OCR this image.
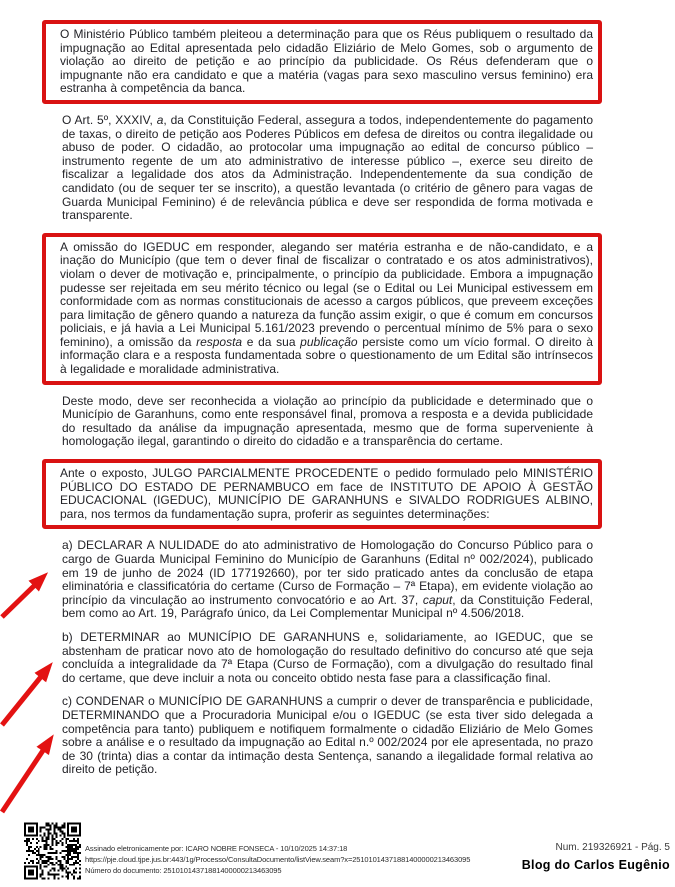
O Ministério Público também pleiteou a determinação para que os Réus publiquem o resultado da impugnação ao Edital apresentada pelo cidadão Eliziário de Melo Gomes, sob o argumento de violação ao direito de petição e ao princípio da publicidade. Os Réus defenderam que o impugnante não era candidato e que a matéria (vagas para sexo masculino versus feminino) era estranha à competência da banca.

O Art. 5º, XXXIV, a, da Constituição Federal, assegura a todos, independentemente do pagamento de taxas, o direito de petição aos Poderes Públicos em defesa de direitos ou contra ilegalidade ou abuso de poder. O cidadão, ao protocolar uma impugnação ao edital de concurso público – instrumento regente de um ato administrativo de interesse público –, exerce seu direito de fiscalizar a legalidade dos atos da Administração. Independentemente da sua condição de candidato (ou de sequer ter se inscrito), a questão levantada (o critério de gênero para vagas de Guarda Municipal Feminino) é de relevância pública e deve ser respondida de forma motivada e transparente.

A omissão do IGEDUC em responder, alegando ser matéria estranha e de não-candidato, e a inação do Município (que tem o dever final de fiscalizar o contratado e os atos administrativos), violam o dever de motivação e, principalmente, o princípio da publicidade. Embora a impugnação pudesse ser rejeitada em seu mérito técnico ou legal (se o Edital ou Lei Municipal estivessem em conformidade com as normas constitucionais de acesso a cargos públicos, que preveem exceções para limitação de gênero quando a natureza da função assim exigir, o que é comum em concursos policiais, e já havia a Lei Municipal 5.161/2023 prevendo o percentual mínimo de 5% para o sexo feminino), a omissão da resposta e da sua publicação persiste como um vício formal. O direito à informação clara e a resposta fundamentada sobre o questionamento de um Edital são intrínsecos à legalidade e moralidade administrativa.

Deste modo, deve ser reconhecida a violação ao princípio da publicidade e determinado que o Município de Garanhuns, como ente responsável final, promova a resposta e a devida publicidade do resultado da análise da impugnação apresentada, mesmo que de forma superveniente à homologação ilegal, garantindo o direito do cidadão e a transparência do certame.

Ante o exposto, JULGO PARCIALMENTE PROCEDENTE o pedido formulado pelo MINISTÉRIO PÚBLICO DO ESTADO DE PERNAMBUCO em face de INSTITUTO DE APOIO À GESTÃO EDUCACIONAL (IGEDUC), MUNICÍPIO DE GARANHUNS e SIVALDO RODRIGUES ALBINO, para, nos termos da fundamentação supra, proferir as seguintes determinações:

a) DECLARAR A NULIDADE do ato administrativo de Homologação do Concurso Público para o cargo de Guarda Municipal Feminino do Município de Garanhuns (Edital nº 002/2024), publicado em 19 de junho de 2024 (ID 177192660), por ter sido praticado antes da conclusão de etapa eliminatória e classificatória do certame (Curso de Formação – 7ª Etapa), em evidente violação ao princípio da vinculação ao instrumento convocatório e ao Art. 37, caput, da Constituição Federal, bem como ao Art. 19, Parágrafo único, da Lei Complementar Municipal nº 4.506/2018.

b) DETERMINAR ao MUNICÍPIO DE GARANHUNS e, solidariamente, ao IGEDUC, que se abstenham de praticar novo ato de homologação do resultado definitivo do concurso até que seja concluída a integralidade da 7ª Etapa (Curso de Formação), com a divulgação do resultado final do certame, que deve incluir a nota ou conceito obtido nesta fase para a classificação final.

c) CONDENAR o MUNICÍPIO DE GARANHUNS a cumprir o dever de transparência e publicidade, DETERMINANDO que a Procuradoria Municipal e/ou o IGEDUC (se esta tiver sido delegada a competência para tanto) publiquem e notifiquem formalmente o cidadão Eliziário de Melo Gomes sobre a análise e o resultado da impugnação ao Edital n.º 002/2024 por ele apresentada, no prazo de 30 (trinta) dias a contar da intimação desta Sentença, sanando a ilegalidade formal relativa ao direito de petição.

Assinado eletronicamente por: ICARO NOBRE FONSECA - 10/10/2025 14:37:18
https://pje.cloud.tjpe.jus.br:443/1g/Processo/ConsultaDocumento/listView.seam?x=25101014371881400000213463095
Número do documento: 25101014371881400000213463095
Num. 219326921 - Pág. 5
Blog do Carlos Eugênio
